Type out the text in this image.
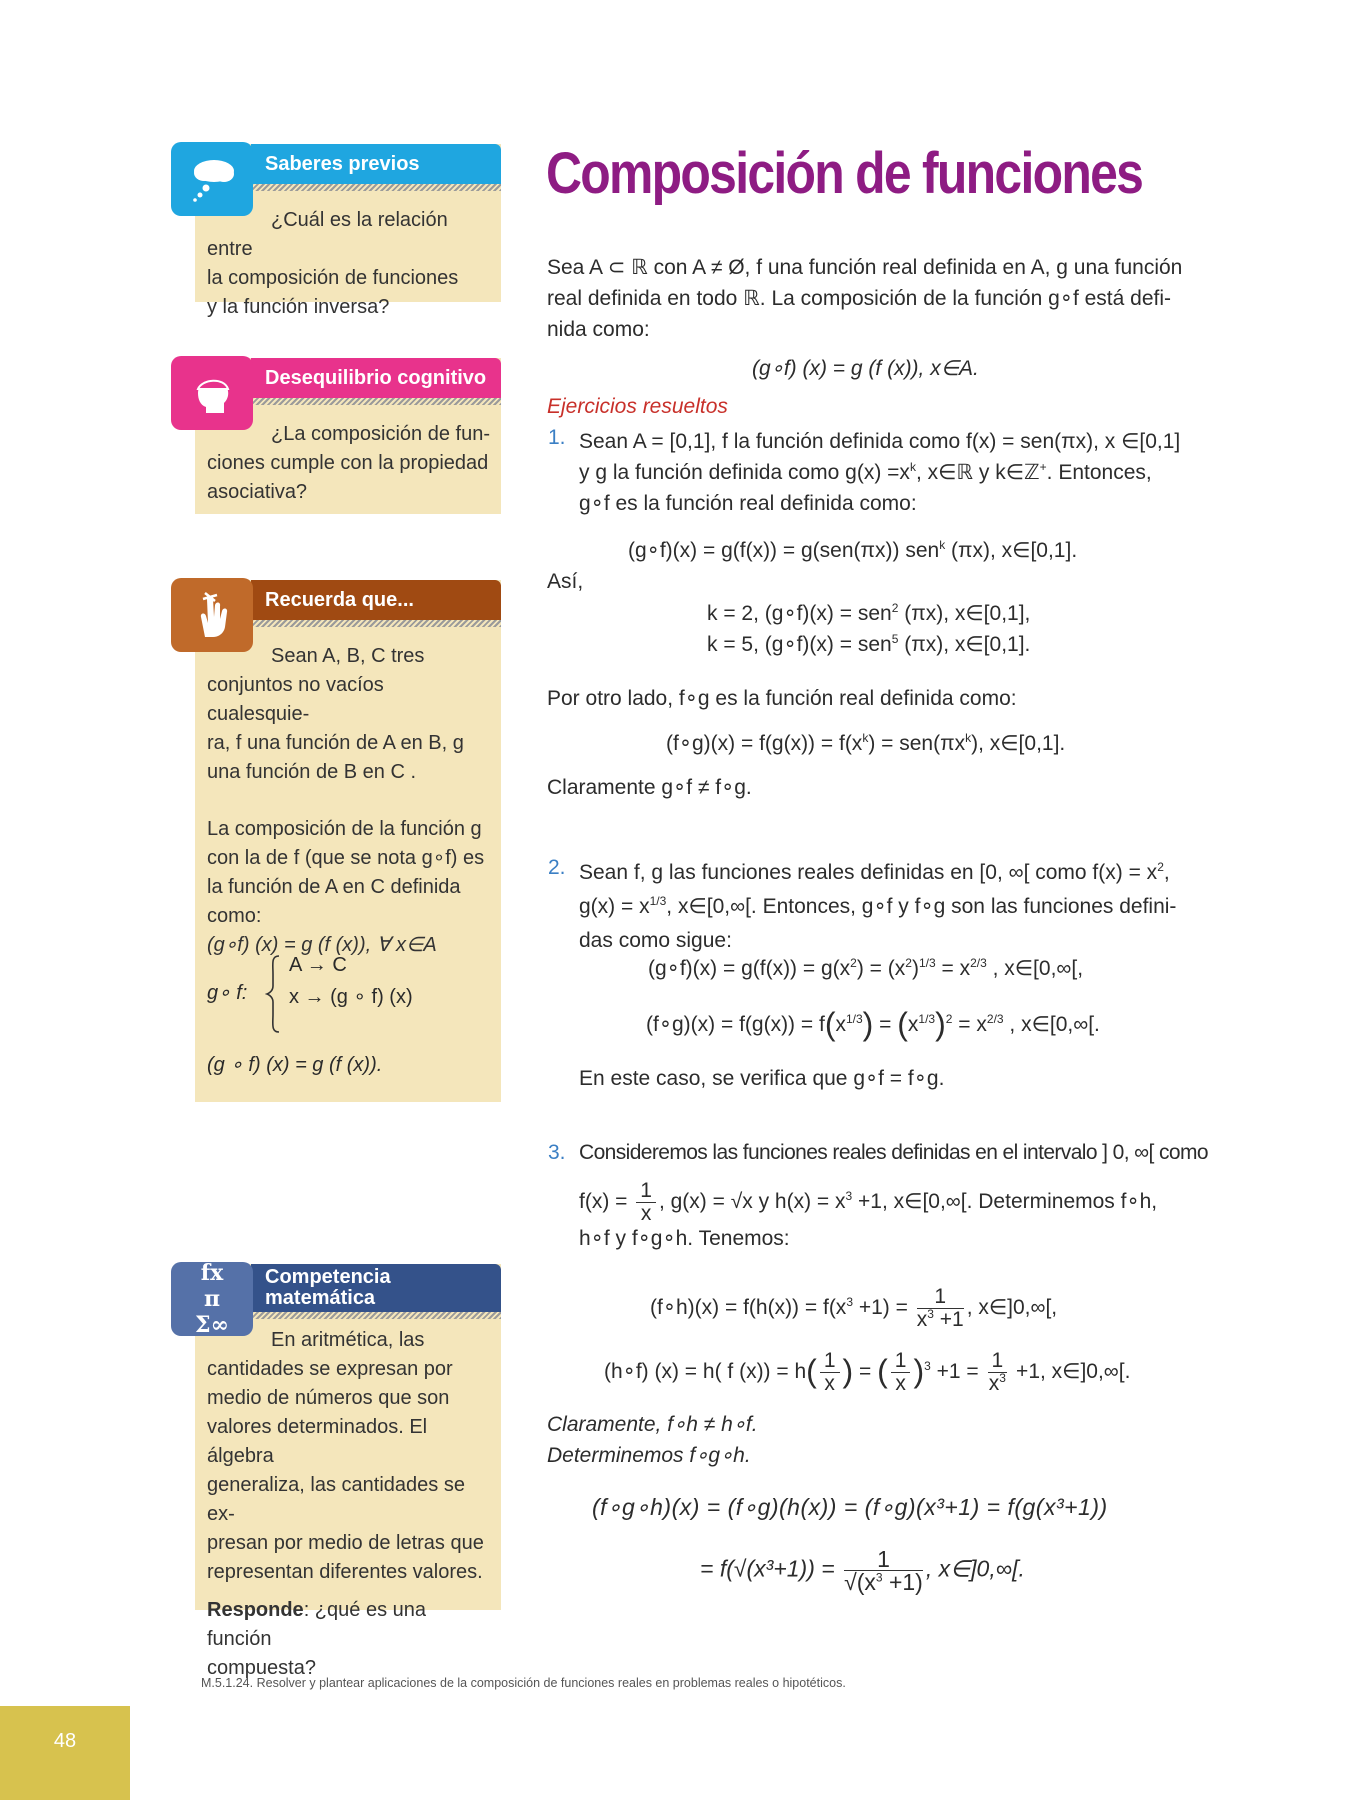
Saberes previos
¿Cuál es la relación entre
la composición de funciones
y la función inversa?
Desequilibrio cognitivo
¿La composición de fun-
ciones cumple con la propiedad
asociativa?
Recuerda que...
Sean A, B, C tres
conjuntos no vacíos cualesquie-
ra, f una función de A en B, g
una función de B en C .
La composición de la función g
con la de f (que se nota g∘f) es
la función de A en C definida
como:
(g∘f) (x) = g (f (x)), ∀ x∈A
g∘ f:
A → C
x → (g ∘ f) (x)
(g ∘ f) (x) = g (f (x)).
Competencia
matemática
fx π Σ∞
En aritmética, las
cantidades se expresan por
medio de números que son
valores determinados. El álgebra
generaliza, las cantidades se ex-
presan por medio de letras que
representan diferentes valores.
Responde: ¿qué es una función
compuesta?
Composición de funciones
Sea A ⊂ ℝ con A ≠ Ø, f una función real definida en A, g una función
real definida en todo ℝ. La composición de la función g∘f está defi-
nida como:
(g∘f) (x) = g (f (x)), x∈A.
Ejercicios resueltos
1. Sean A = [0,1], f la función definida como f(x) = sen(πx), x ∈[0,1]
y g la función definida como $g(x) =x^k$, x∈ℝ y k∈ℤ+. Entonces,
g∘f es la función real definida como:
(g∘f)(x) = g(f(x)) = g(sen(πx)) sen$^k$ (πx), x∈[0,1].
Así,
k = 2, (g∘f)(x) = sen$^2$ (πx), x∈[0,1],
k = 5, (g∘f)(x) = sen$^5$ (πx), x∈[0,1].
Por otro lado, f∘g es la función real definida como:
(f∘g)(x) = $f(g(x)) = f(x^k) = sen(\pi x^k)$, x∈[0,1].
Claramente g∘f ≠ f∘g.
2. Sean f, g las funciones reales definidas en [0, ∞[ como $f(x) = x^2$,
$g(x) = x^{1/3}$, x∈[0,∞[. Entonces, g∘f y f∘g son las funciones defini-
das como sigue:
(g∘f)(x) = $g(f(x)) = g(x^2) = (x^2)^{1/3} = x^{2/3}$ , x∈[0,∞[,
(f∘g)(x) = $f(g(x)) = f(x^{1/3}) = (x^{1/3})^2 = x^{2/3}$ , x∈[0,∞[.
En este caso, se verifica que g∘f = f∘g.
3. Consideremos las funciones reales definidas en el intervalo ] 0, ∞[ como
$f(x) = \frac{1}{x}$ , g(x) = √x y $h(x) = x^3 +1$, x∈[0,∞[. Determinemos f∘h,
h∘f y f∘g∘h. Tenemos:
(f∘h)(x) = $f(h(x)) = f(x^3 +1) = \frac{1}{x^3 +1}$ , x∈]0,∞[,
(h∘f) (x) = h( f $(x)) = h( \frac{1}{x}$ ) = ( $\frac{1}{x} )^3 +1 = \frac{1}{x^3} +1$, x∈]0,∞[.
Claramente, f∘h ≠ h∘f.
Determinemos f∘g∘h.
(f∘g∘h)(x) = (f∘g)(h(x)) = (f∘g)(x³+1) = f(g(x³+1))
= $f(√(x^3+1)) = \frac{1}{√(x^3 +1)}$ , x∈]0,∞[.
M.5.1.24. Resolver y plantear aplicaciones de la composición de funciones reales en problemas reales o hipotéticos.
48
